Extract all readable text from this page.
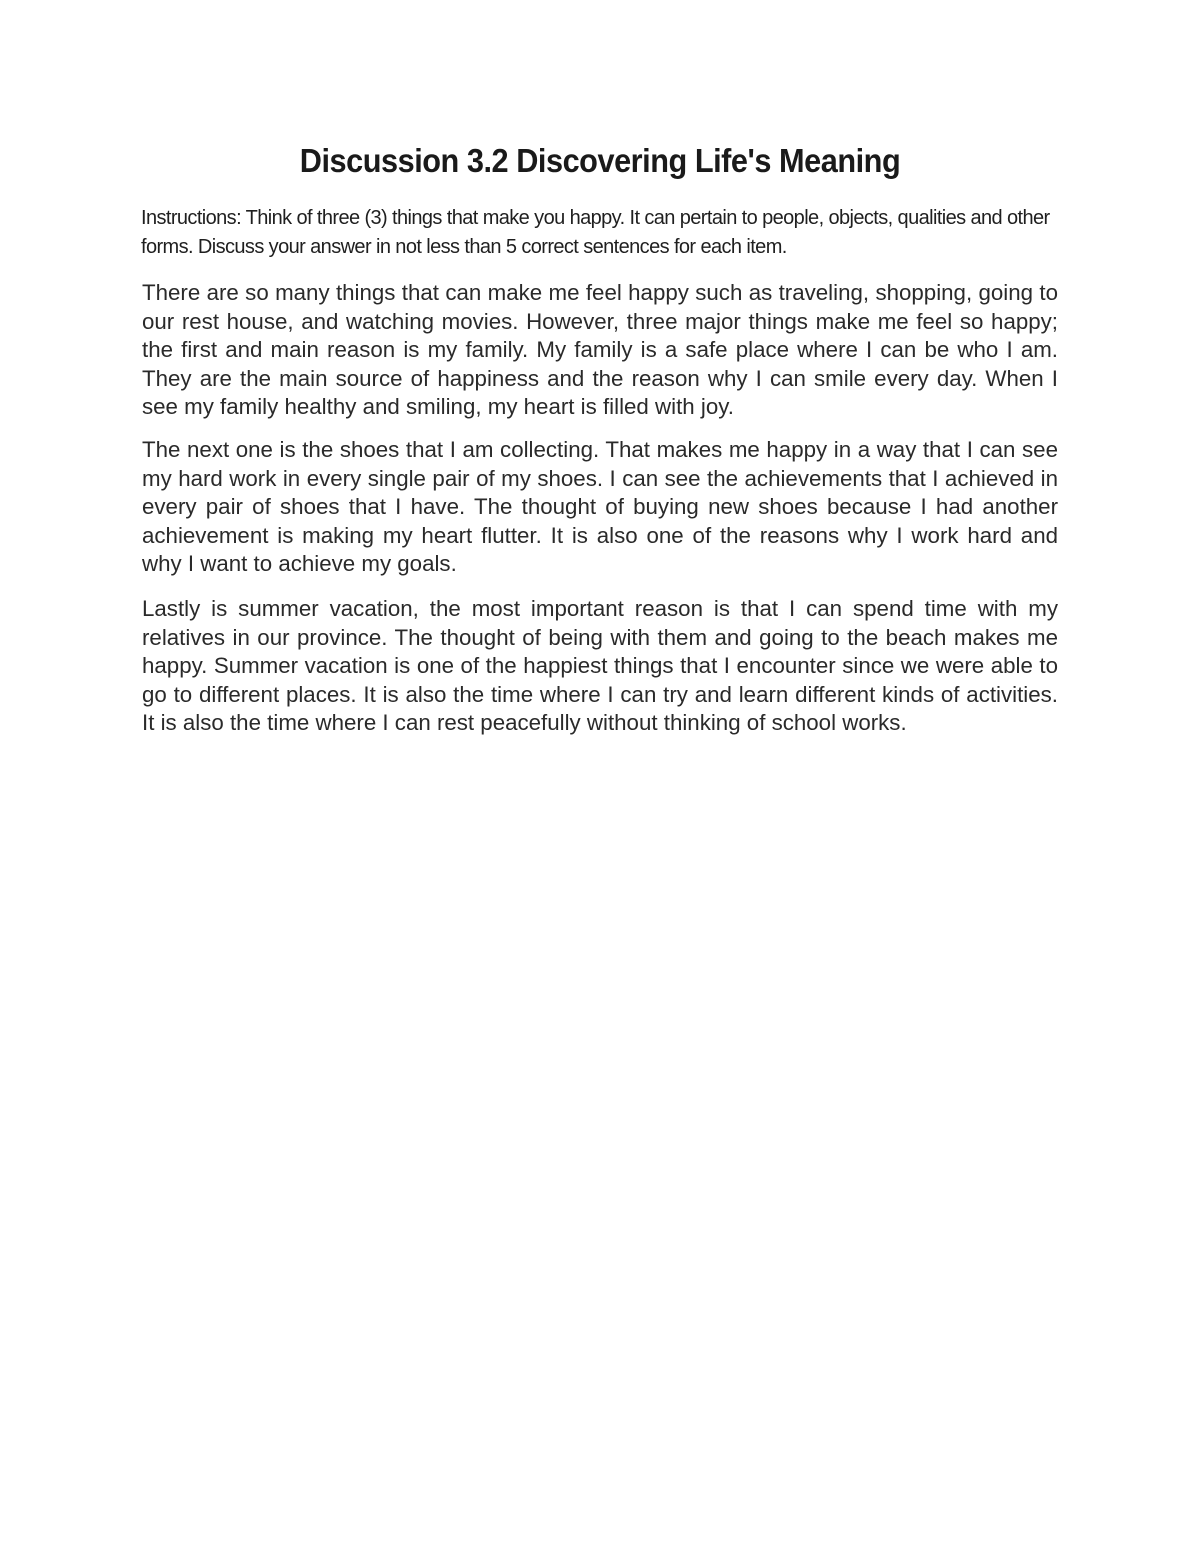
Discussion 3.2 Discovering Life's Meaning

Instructions: Think of three (3) things that make you happy. It can pertain to people, objects, qualities and other forms. Discuss your answer in not less than 5 correct sentences for each item.

There are so many things that can make me feel happy such as traveling, shopping, going to our rest house, and watching movies. However, three major things make me feel so happy; the first and main reason is my family. My family is a safe place where I can be who I am. They are the main source of happiness and the reason why I can smile every day. When I see my family healthy and smiling, my heart is filled with joy.

The next one is the shoes that I am collecting. That makes me happy in a way that I can see my hard work in every single pair of my shoes. I can see the achievements that I achieved in every pair of shoes that I have. The thought of buying new shoes because I had another achievement is making my heart flutter. It is also one of the reasons why I work hard and why I want to achieve my goals.

Lastly is summer vacation, the most important reason is that I can spend time with my relatives in our province. The thought of being with them and going to the beach makes me happy. Summer vacation is one of the happiest things that I encounter since we were able to go to different places. It is also the time where I can try and learn different kinds of activities. It is also the time where I can rest peacefully without thinking of school works.
